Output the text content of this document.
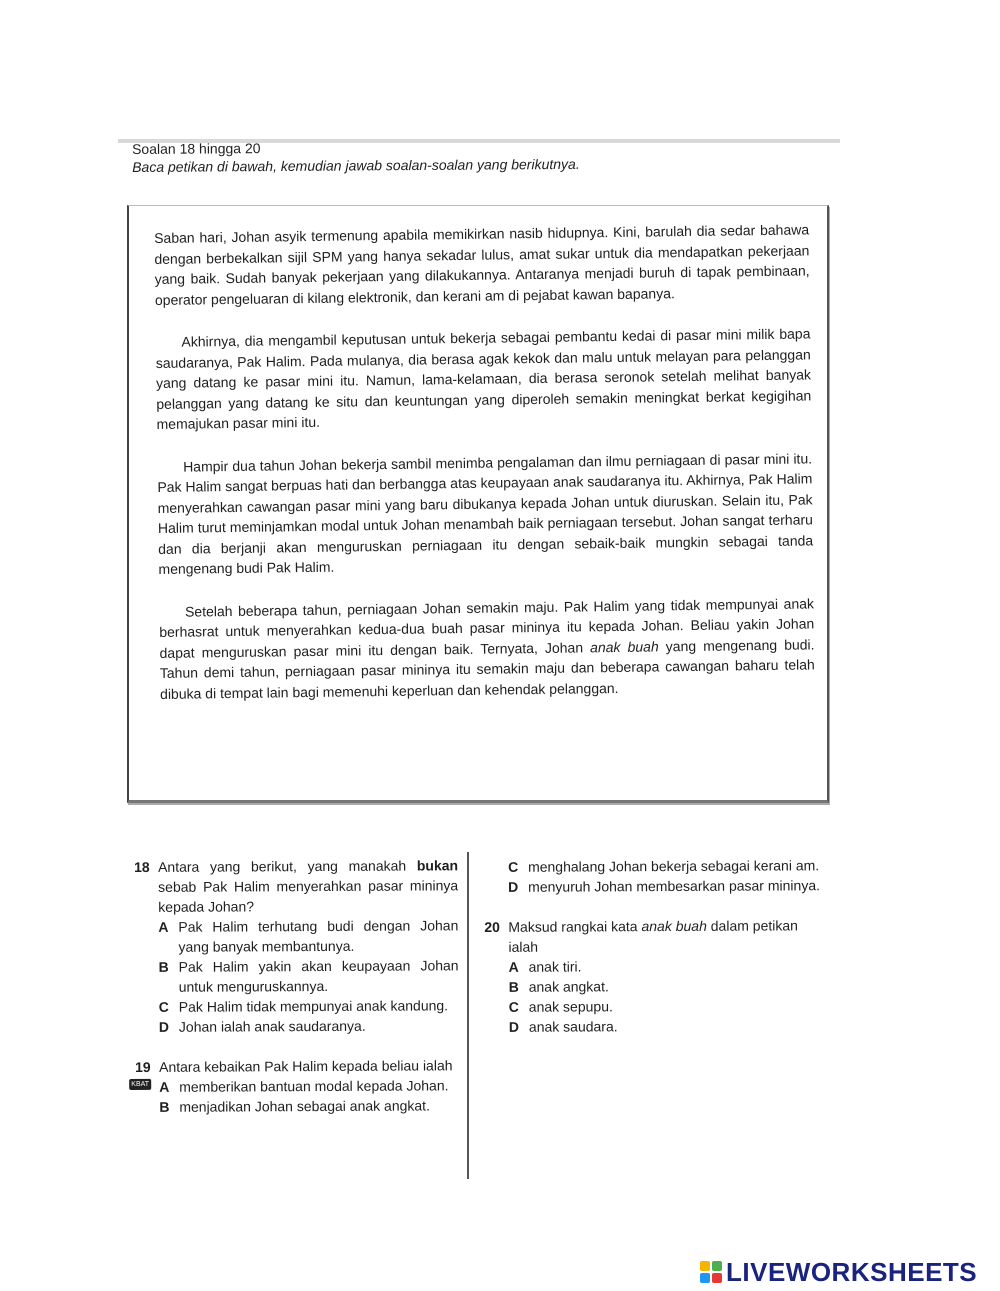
Soalan 18 hingga 20
Baca petikan di bawah, kemudian jawab soalan-soalan yang berikutnya.

Saban hari, Johan asyik termenung apabila memikirkan nasib hidupnya. Kini, barulah dia sedar bahawa dengan berbekalkan sijil SPM yang hanya sekadar lulus, amat sukar untuk dia mendapatkan pekerjaan yang baik. Sudah banyak pekerjaan yang dilakukannya. Antaranya menjadi buruh di tapak pembinaan, operator pengeluaran di kilang elektronik, dan kerani am di pejabat kawan bapanya.

Akhirnya, dia mengambil keputusan untuk bekerja sebagai pembantu kedai di pasar mini milik bapa saudaranya, Pak Halim. Pada mulanya, dia berasa agak kekok dan malu untuk melayan para pelanggan yang datang ke pasar mini itu. Namun, lama-kelamaan, dia berasa seronok setelah melihat banyak pelanggan yang datang ke situ dan keuntungan yang diperoleh semakin meningkat berkat kegigihan memajukan pasar mini itu.

Hampir dua tahun Johan bekerja sambil menimba pengalaman dan ilmu perniagaan di pasar mini itu. Pak Halim sangat berpuas hati dan berbangga atas keupayaan anak saudaranya itu. Akhirnya, Pak Halim menyerahkan cawangan pasar mini yang baru dibukanya kepada Johan untuk diuruskan. Selain itu, Pak Halim turut meminjamkan modal untuk Johan menambah baik perniagaan tersebut. Johan sangat terharu dan dia berjanji akan menguruskan perniagaan itu dengan sebaik-baik mungkin sebagai tanda mengenang budi Pak Halim.

Setelah beberapa tahun, perniagaan Johan semakin maju. Pak Halim yang tidak mempunyai anak berhasrat untuk menyerahkan kedua-dua buah pasar mininya itu kepada Johan. Beliau yakin Johan dapat menguruskan pasar mini itu dengan baik. Ternyata, Johan anak buah yang mengenang budi. Tahun demi tahun, perniagaan pasar mininya itu semakin maju dan beberapa cawangan baharu telah dibuka di tempat lain bagi memenuhi keperluan dan kehendak pelanggan.

18 Antara yang berikut, yang manakah bukan sebab Pak Halim menyerahkan pasar mininya kepada Johan?
A Pak Halim terhutang budi dengan Johan yang banyak membantunya.
B Pak Halim yakin akan keupayaan Johan untuk menguruskannya.
C Pak Halim tidak mempunyai anak kandung.
D Johan ialah anak saudaranya.
19
KBAT
Antara kebaikan Pak Halim kepada beliau ialah
A memberikan bantuan modal kepada Johan.
B menjadikan Johan sebagai anak angkat.
C menghalang Johan bekerja sebagai kerani am.
D menyuruh Johan membesarkan pasar mininya.
20 Maksud rangkai kata anak buah dalam petikan ialah
A anak tiri.
B anak angkat.
C anak sepupu.
D anak saudara.
LIVEWORKSHEETS
